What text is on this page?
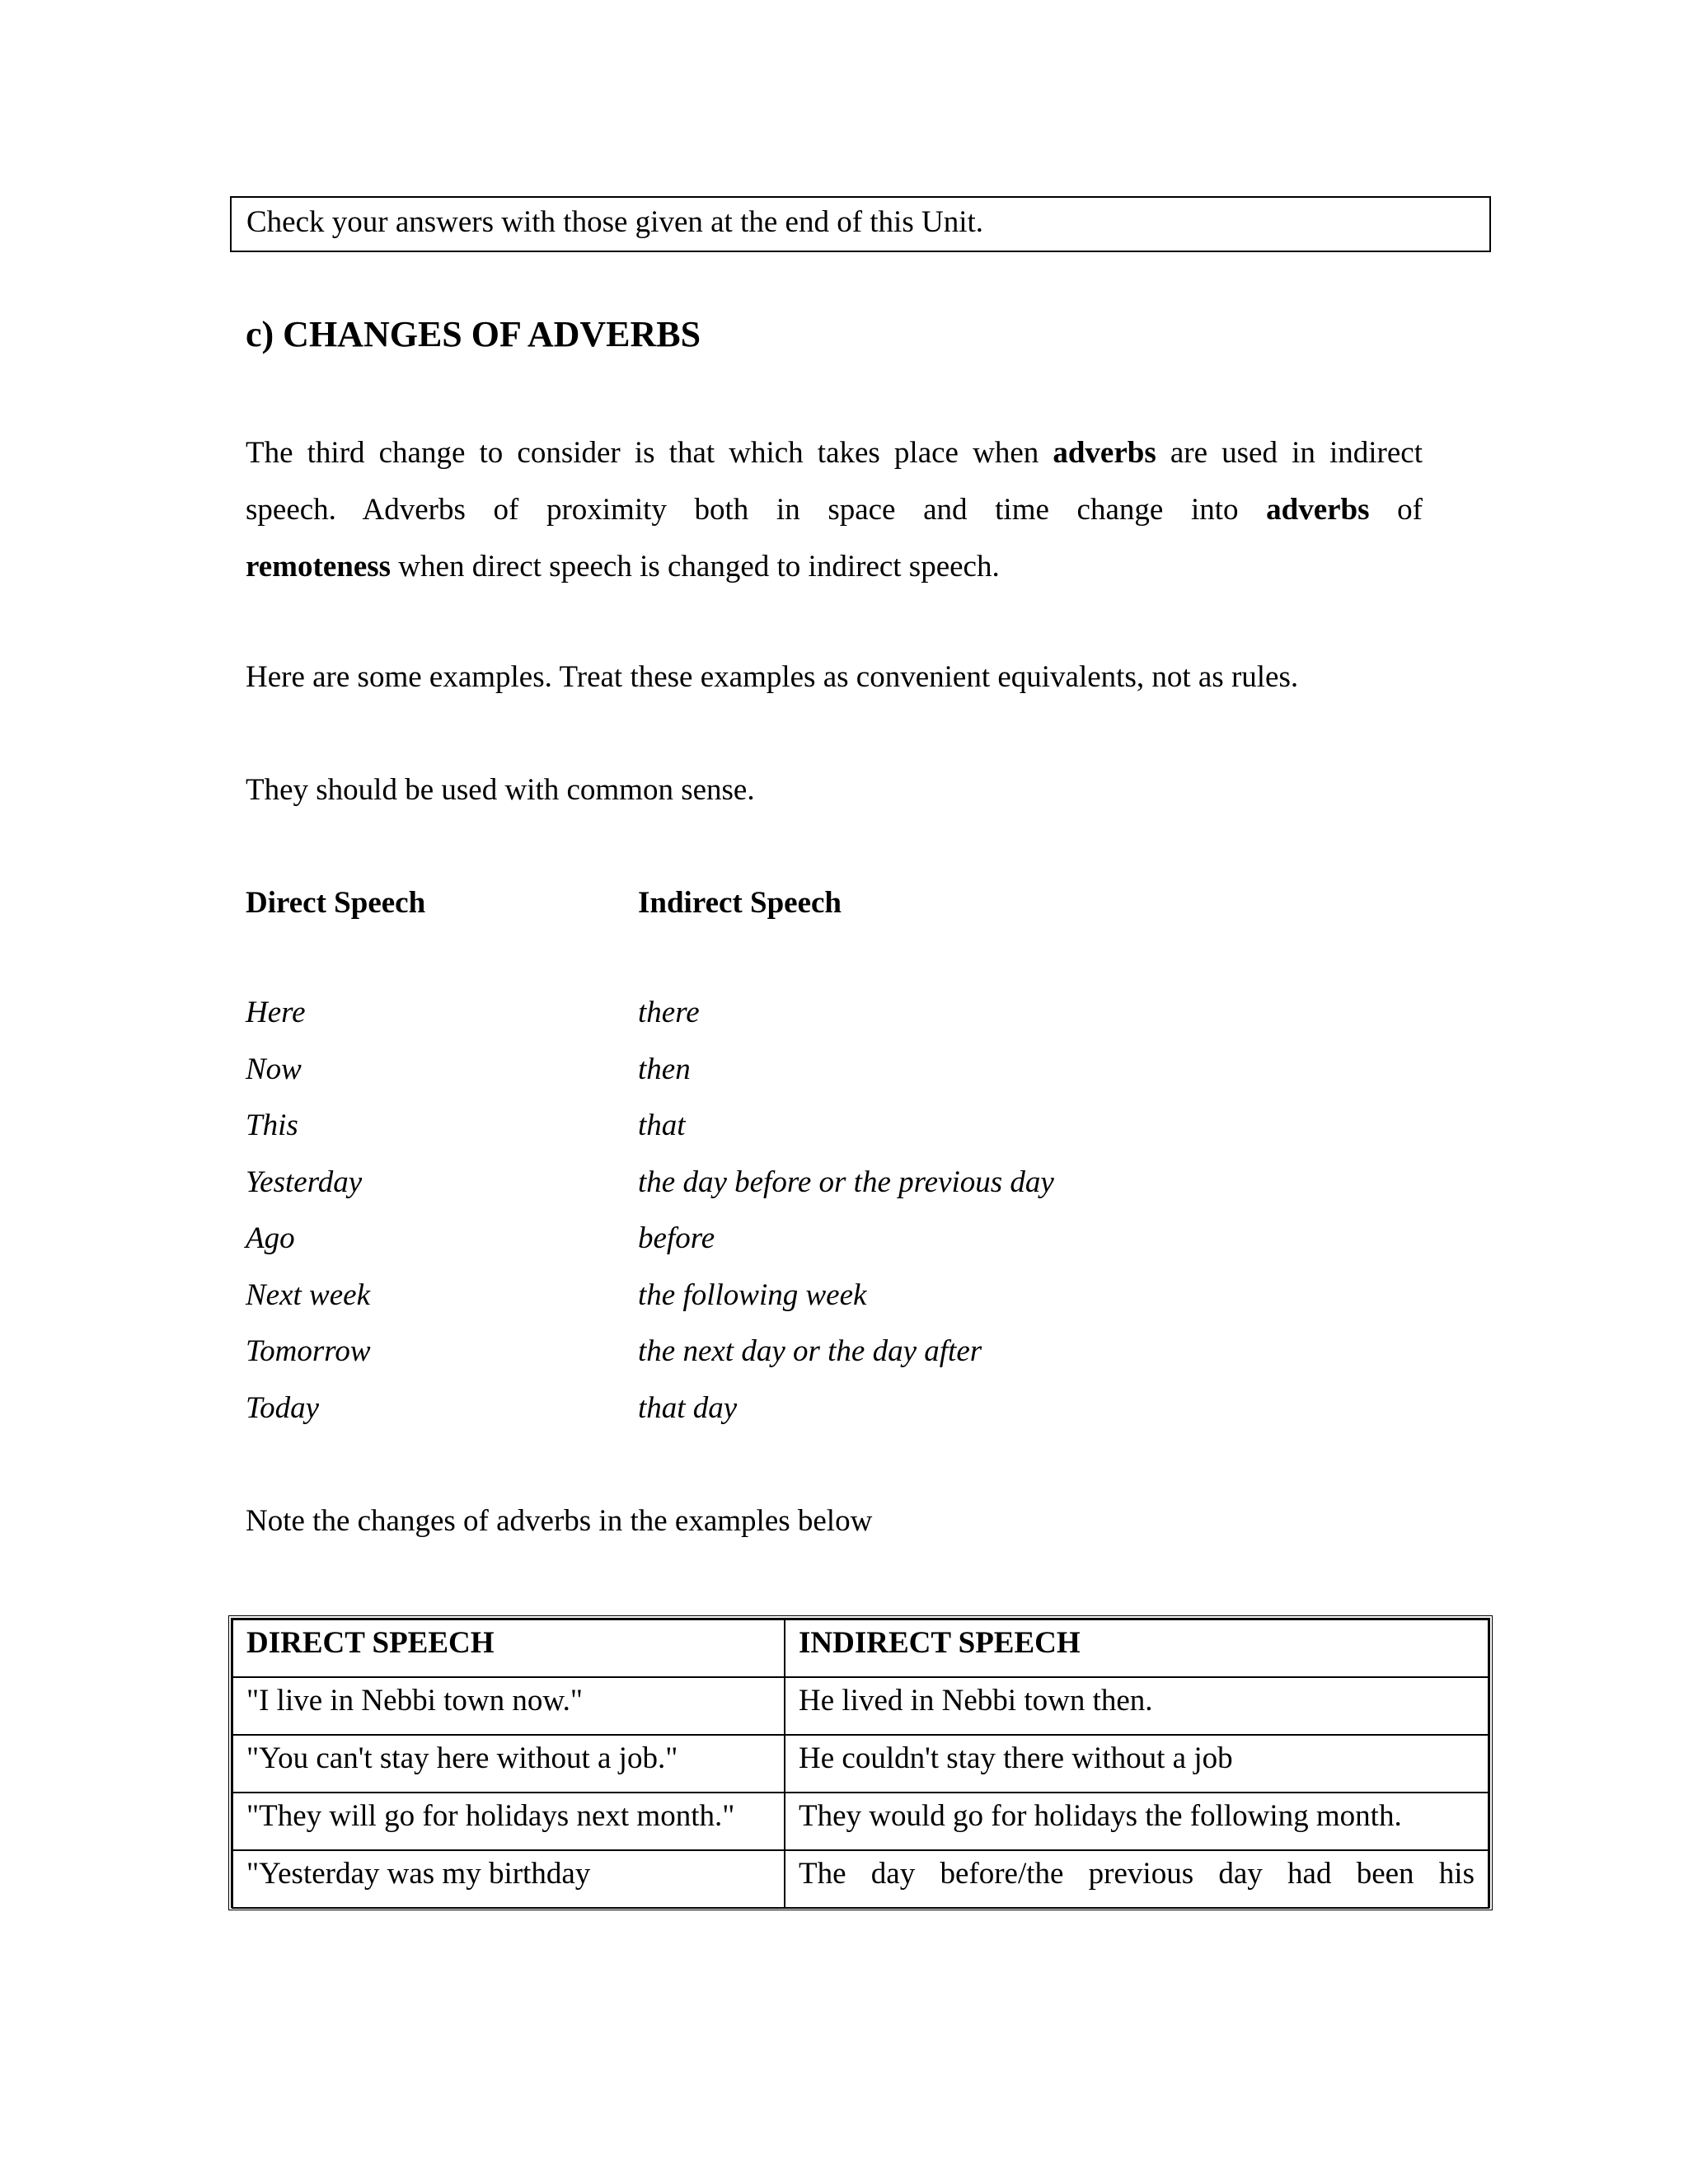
Check your answers with those given at the end of this Unit.
c) CHANGES OF ADVERBS
The third change to consider is that which takes place when adverbs are used in indirect
speech. Adverbs of proximity both in space and time change into adverbs of
remoteness when direct speech is changed to indirect speech.
Here are some examples. Treat these examples as convenient equivalents, not as rules.
They should be used with common sense.
Direct Speech	Indirect Speech
Here	there
Now	then
This	that
Yesterday	the day before or the previous day
Ago	before
Next week	the following week
Tomorrow	the next day or the day after
Today	that day
Note the changes of adverbs in the examples below
DIRECT SPEECH	INDIRECT SPEECH
"I live in Nebbi town now."	He lived in Nebbi town then.
"You can't stay here without a job."	He couldn't stay there without a job
"They will go for holidays next month."	They would go for holidays the following month.
"Yesterday was my birthday	The day before/the previous day had been his
